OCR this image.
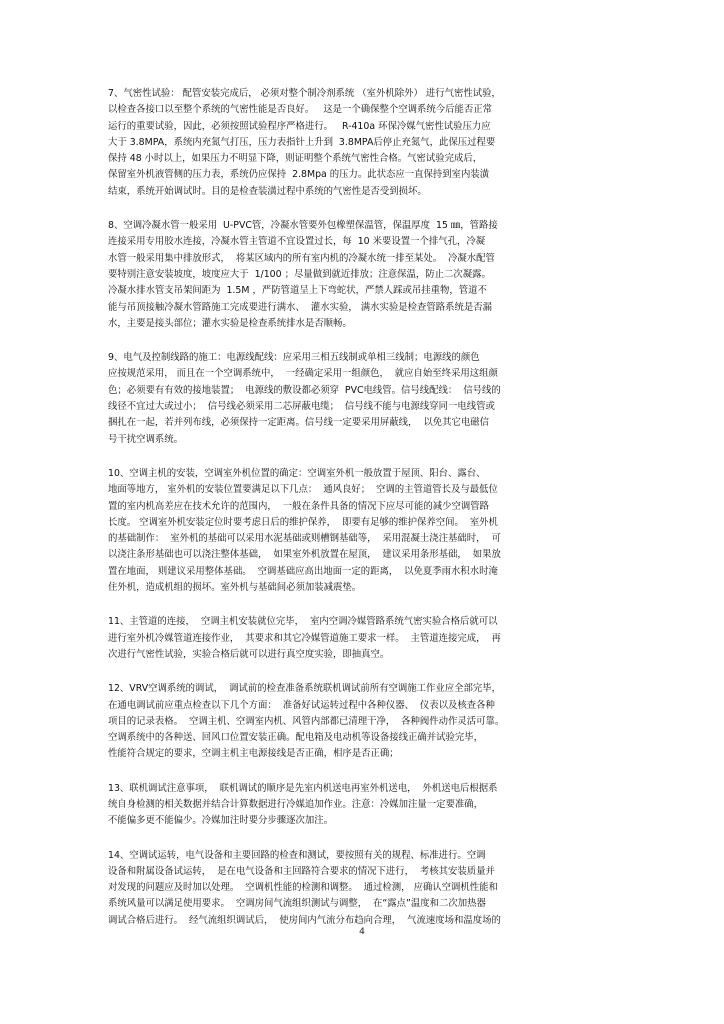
7、气密性试验： 配管安装完成后， 必须对整个制冷剂系统 （室外机除外） 进行气密性试验，
以检查各接口以至整个系统的气密性能是否良好。   这是一个确保整个空调系统今后能否正常
运行的重要试验，因此，必须按照试验程序严格进行。   R-410a 环保冷媒气密性试验压力应
大于 3.8MPA，系统内充氮气打压，压力表指针上升到  3.8MPA后停止充氮气，此保压过程要
保持 48 小时以上，如果压力不明显下降，则证明整个系统气密性合格。气密试验完成后，
保留室外机液管侧的压力表，系统仍应保持  2.8Mpa 的压力。此状态应一直保持到室内装潢
结束，系统开始调试时。目的是检查装潢过程中系统的气密性是否受到损坏。
8、空调冷凝水管一般采用  U-PVC管，冷凝水管要外包橡塑保温管，保温厚度  15 ㎜，管路接
连接采用专用胶水连接，冷凝水管主管道不宜设置过长，每  10 米要设置一个排气孔，冷凝
水管一般采用集中排放形式，  将某区域内的所有室内机的冷凝水统一排至某处。  冷凝水配管
要特别注意安装坡度，坡度应大于  1/100 ；尽量做到就近排放；注意保温，防止二次凝露。
冷凝水排水管支吊架间距为  1.5M ，严防管道呈上下弯蛇状，严禁人踩或吊挂重物，管道不
能与吊顶接触冷凝水管路施工完成要进行满水、  灌水实验， 满水实验是检查管路系统是否漏
水，主要是接头部位；灌水实验是检查系统排水是否顺畅。
9、电气及控制线路的施工：电源线配线：应采用三相五线制或单相三线制；电源线的颜色
应按规范采用， 而且在一个空调系统中，  一经确定采用一组颜色，  就应自始至终采用这组颜
色；必须要有有效的接地装置；  电源线的敷设都必须穿  PVC电线管。信号线配线：  信号线的
线径不宜过大或过小；  信号线必须采用二芯屏蔽电缆；  信号线不能与电源线穿同一电线管或
捆扎在一起，若并列布线，必须保持一定距离。信号线一定要采用屏蔽线，  以免其它电磁信
号干扰空调系统。
10、空调主机的安装，空调室外机位置的确定：空调室外机一般放置于屋顶、阳台、露台、
地面等地方， 室外机的安装位置要满足以下几点：  通风良好；  空调的主管道管长及与最低位
置的室内机高差应在技术允许的范围内，  一般在条件具备的情况下应尽可能的减少空调管路
长度。 空调室外机安装定位时要考虑日后的维护保养，  即要有足够的维护保养空间。  室外机
的基础制作：  室外机的基础可以采用水泥基础或则槽钢基础等，  采用混凝土浇注基础时，  可
以浇注条形基础也可以浇注整体基础，  如果室外机放置在屋顶，  建议采用条形基础，  如果放
置在地面， 则建议采用整体基础。  空调基础应高出地面一定的距离，  以免夏季雨水积水时淹
住外机，造成机组的损坏。室外机与基础间必须加装减震垫。
11、主管道的连接，  空调主机安装就位完毕，  室内空调冷媒管路系统气密实验合格后就可以
进行室外机冷媒管道连接作业，  其要求和其它冷媒管道施工要求一样。  主管道连接完成，  再
次进行气密性试验，实验合格后就可以进行真空度实验，即抽真空。
12、VRV空调系统的调试，  调试前的检查准备系统联机调试前所有空调施工作业应全部完毕，
在通电调试前应重点检查以下几个方面：  准备好试运转过程中各种仪器、  仪表以及核查各种
项目的记录表格。  空调主机、空调室内机、风管内部都已清理干净，  各种阀件动作灵活可靠。
空调系统中的各种送、回风口位置安装正确。配电箱及电动机等设备接线正确并试验完毕，
性能符合规定的要求，空调主机主电源接线是否正确，相序是否正确；
13、联机调试注意事项，  联机调试的顺序是先室内机送电再室外机送电，  外机送电后根据系
统自身检测的相关数据并结合计算数据进行冷媒追加作业。注意：冷媒加注量一定要准确，
不能偏多更不能偏少。冷媒加注时要分步骤逐次加注。
14、空调试运转，电气设备和主要回路的检查和测试，要按照有关的规程、标准进行。空调
设备和附属设备试运转，  是在电气设备和主回路符合要求的情况下进行，  考核其安装质量并
对发现的问题应及时加以处理。  空调机性能的检测和调整。  通过检测， 应确认空调机性能和
系统风量可以满足使用要求。  空调房间气流组织测试与调整，  在“露点”温度和二次加热器
调试合格后进行。  经气流组织调试后，  使房间内气流分布趋向合理，  气流速度场和温度场的
4
